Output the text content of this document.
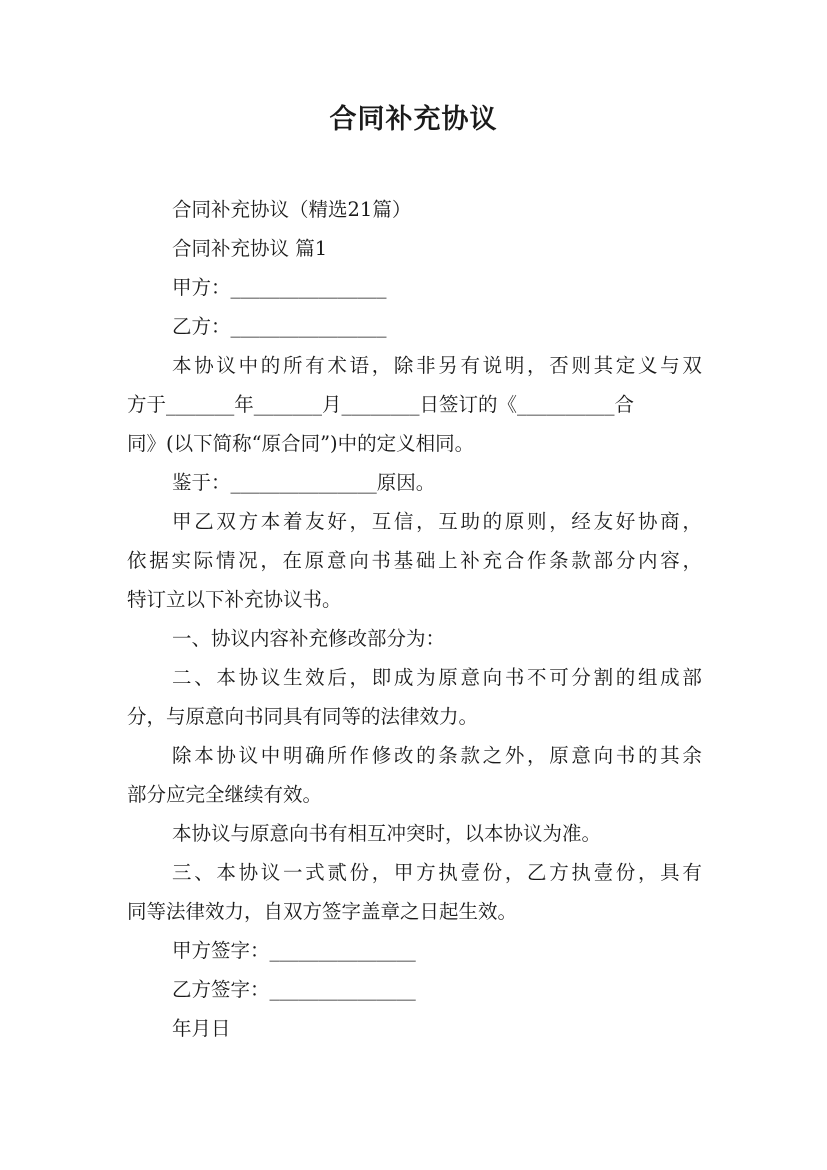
合同补充协议
合同补充协议（精选21篇）
合同补充协议 篇1
甲方：________________
乙方：________________
本 协 议 中 的 所 有 术 语 ， 除 非 另 有 说 明 ， 否 则 其 定 义 与 双
方于_______年_______月________日签订的《__________合
同》(以下简称“原合同”)中的定义相同。
鉴于：_______________原因。
甲 乙 双 方 本 着 友 好 ， 互 信 ， 互 助 的 原 则 ， 经 友 好 协 商 ，
依 据 实 际 情 况 ， 在 原 意 向 书 基 础 上 补 充 合 作 条 款 部 分 内 容 ，
特订立以下补充协议书。
一、协议内容补充修改部分为：
二 、 本 协 议 生 效 后 ， 即 成 为 原 意 向 书 不 可 分 割 的 组 成 部
分，与原意向书同具有同等的法律效力。
除 本 协 议 中 明 确 所 作 修 改 的 条 款 之 外 ， 原 意 向 书 的 其 余
部分应完全继续有效。
本协议与原意向书有相互冲突时，以本协议为准。
三 、 本 协 议 一 式 贰 份 ， 甲 方 执 壹 份 ， 乙 方 执 壹 份 ， 具 有
同等法律效力，自双方签字盖章之日起生效。
甲方签字：_______________
乙方签字：_______________
年月日
